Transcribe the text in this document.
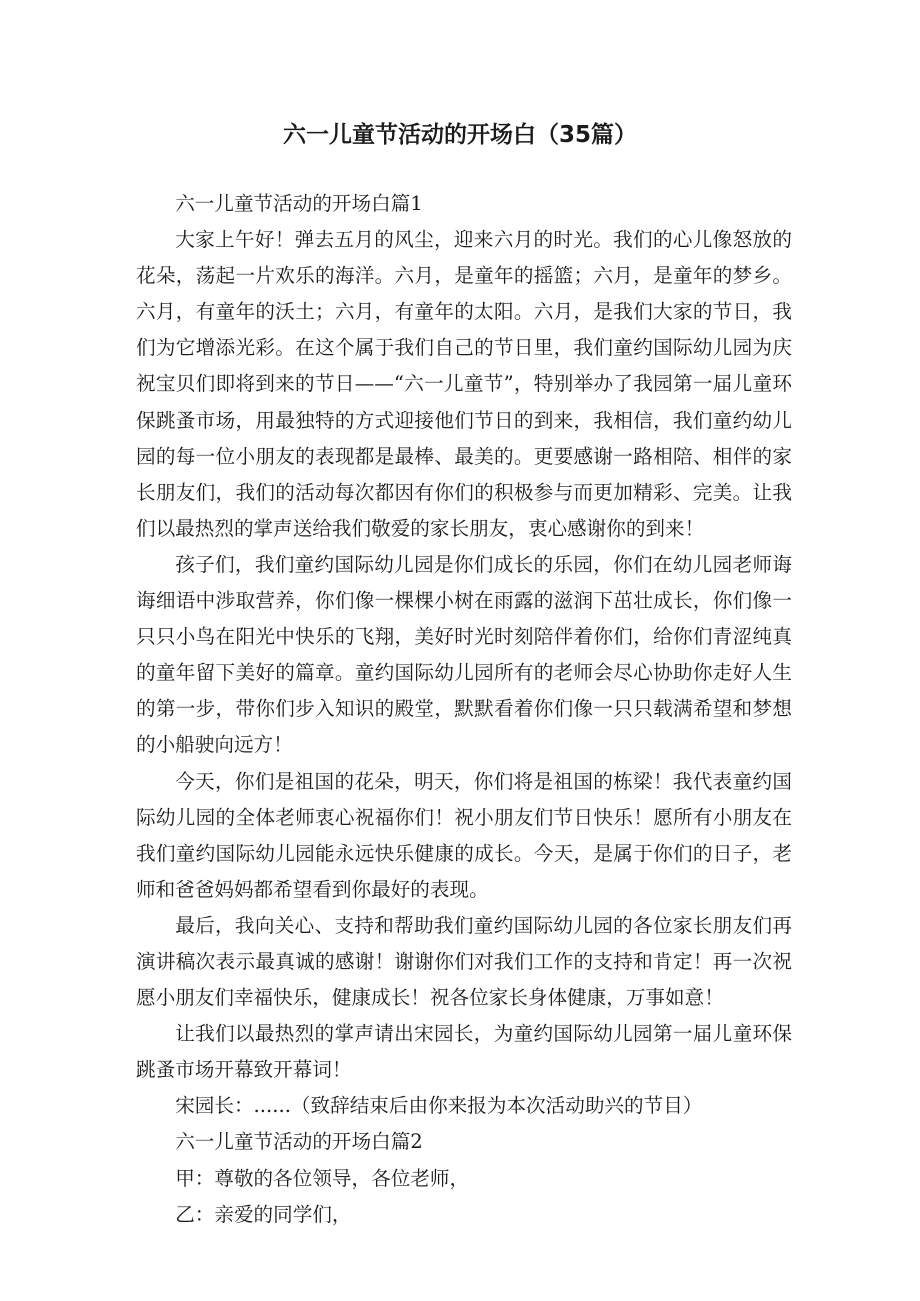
六一儿童节活动的开场白（35篇）

六一儿童节活动的开场白篇1

大家上午好！弹去五月的风尘，迎来六月的时光。我们的心儿像怒放的花朵，荡起一片欢乐的海洋。六月，是童年的摇篮；六月，是童年的梦乡。六月，有童年的沃土；六月，有童年的太阳。六月，是我们大家的节日，我们为它增添光彩。在这个属于我们自己的节日里，我们童约国际幼儿园为庆祝宝贝们即将到来的节日——“六一儿童节”，特别举办了我园第一届儿童环保跳蚤市场，用最独特的方式迎接他们节日的到来，我相信，我们童约幼儿园的每一位小朋友的表现都是最棒、最美的。更要感谢一路相陪、相伴的家长朋友们，我们的活动每次都因有你们的积极参与而更加精彩、完美。让我们以最热烈的掌声送给我们敬爱的家长朋友，衷心感谢你的到来！

孩子们，我们童约国际幼儿园是你们成长的乐园，你们在幼儿园老师诲诲细语中涉取营养，你们像一棵棵小树在雨露的滋润下茁壮成长，你们像一只只小鸟在阳光中快乐的飞翔，美好时光时刻陪伴着你们，给你们青涩纯真的童年留下美好的篇章。童约国际幼儿园所有的老师会尽心协助你走好人生的第一步，带你们步入知识的殿堂，默默看着你们像一只只载满希望和梦想的小船驶向远方！

今天，你们是祖国的花朵，明天，你们将是祖国的栋梁！我代表童约国际幼儿园的全体老师衷心祝福你们！祝小朋友们节日快乐！愿所有小朋友在我们童约国际幼儿园能永远快乐健康的成长。今天，是属于你们的日子，老师和爸爸妈妈都希望看到你最好的表现。

最后，我向关心、支持和帮助我们童约国际幼儿园的各位家长朋友们再演讲稿次表示最真诚的感谢！谢谢你们对我们工作的支持和肯定！再一次祝愿小朋友们幸福快乐，健康成长！祝各位家长身体健康，万事如意！

让我们以最热烈的掌声请出宋园长，为童约国际幼儿园第一届儿童环保跳蚤市场开幕致开幕词！

宋园长：......（致辞结束后由你来报为本次活动助兴的节目）

六一儿童节活动的开场白篇2

甲：尊敬的各位领导，各位老师，

乙：亲爱的同学们，
